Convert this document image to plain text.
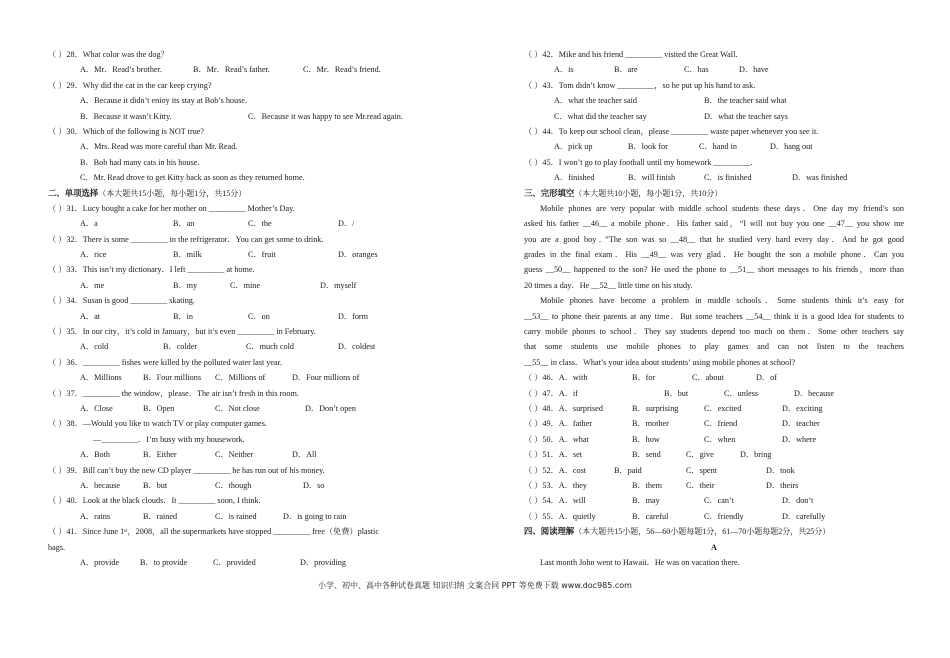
（ ）28．What color was the dog？
A．Mr．Read’s brother.	B．Mr．Read’s father.	C．Mr．Read’s friend.
（ ）29．Why did the cat in the car keep crying?
A．Because it didn’t enioy its stay at Bob’s house.
B．Because it wasn’t Kitty.	C．Because it was happy to see Mr.read again.
（ ）30．Which of the following is NOT true?
A．Mrs. Read was more careful than Mr. Read.
B．Bob had many cats in his house.
C．Mr. Read drove to get Kitty back as soon as they returned home.
二、单项选择（本大题共15小题，每小题1分，共15分）
（ ）31．Lucy bought a cake for her mother on _________ Mother’s Day.
A．a	B．an	C．the	D．/
（ ）32．There is some _________ in the refrigerator．You can get some to drink.
A．rice	B．milk	C．fruit	D．oranges
（ ）33．This isn’t my dictionary．I left _________ at home.
A．me	B．my	C．mine	D．myself
（ ）34．Susan is good _________ skating.
A．at	B．in	C．on	D．form
（ ）35．In our city，it’s cold in January，but it’s even _________ in February.
A．cold	B．colder	C．much cold	D．coldest
（ ）36．_________ fishes were killed by the polluted water last year.
A．Millions	B．Four millions C．Millions of	D．Four millions of
（ ）37．_________ the window，please．The air isn’t fresh in this room.
A．Close	B．Open	C．Not close	D．Don’t open
（ ）38．—Would you like to watch TV or play computer games.
—_________．I’m busy with my housework.
A．Both	B．Either	C．Neither	D．All
（ ）39．Bill can’t buy the new CD player _________ he has run out of his money.
A．because	B．but	C．though	D．so
（ ）40．Look at the black clouds．It _________ soon, I think.
A．rains	B．rained	C．is rained	D．is going to rain
（ ）41．Since June 1ˢᵗ，2008，all the supermarkets have stopped _________ free（免费）plastic
bags.
A．provide	B．to provide	C．provided	D．providing
（ ）42．Mike and his friend _________ visited the Great Wall.
A．is	B．are	C．has	D．have
（ ）43．Tom didn’t know _________，so he put up his hand to ask.
A．what the teacher said	B．the teacher said what
C．what did the teacher say	D．what the teacher says
（ ）44．To keep our school clean，please _________ waste paper whenever you see it.
A．pick up	B．look for	C．hand in	D．hang out
（ ）45．I won’t go to play football until my homework _________.
A．finished	B．will finish	C．is finished	D．was finished
三、完形填空（本大题共10小题，每小题1分，共10分）
Mobile phones are very popular with middle school students these days．One day my friend’s son
asked his father __46__ a mobile phone．His father said，“I will not buy you one __47__ you show me
you are a good boy．”The son was so __48__ that he studied very hard every day．And he got good
grades in the final exam．His __49__ was very glad．He bought the son a mobile phone．Can you
guess __50__ happened to the son? He used the phone to __51__ short messages to his friends，more than
20 times a day．He __52__ little time on his study.
Mobile phones have become a problem in middle schools．Some students think it’s easy for
__53__ to phone their parents at any time．But some teachers __54__ think it is a good idea for students to
carry mobile phones to school．They say students depend too much on them．Some other teachers say
that some students use mobile phones to play games and can not listen to the teachers
__55__ in class．What’s your idea about students’ using mobile phones at school?
（ ）46．A．with	B．for	C．about	D．of
（ ）47．A．if	B．but	C．unless	D．because
（ ）48．A．surprised	B．surprising	C．excited	D．exciting
（ ）49．A．father	B．mother	C．friend	D．teacher
（ ）50．A．what	B．how	C．when	D．where
（ ）51．A．set	B．send	C．give	D．bring
（ ）52．A．cost	B．paid	C．spent	D．took
（ ）53．A．they	B．them	C．their	D．theirs
（ ）54．A．will	B．may	C．can’t	D．don’t
（ ）55．A．quietly	B．careful	C．friendly	D．carefully
四、阅读理解（本大题共15小题，56—60小题每题1分，61—70小题每题2分，共25分）
A
Last month John went to Hawaii．He was on vacation there.
小学、初中、高中各种试卷真题 知识归纳 文案合同 PPT 等免费下载 www.doc985.com
